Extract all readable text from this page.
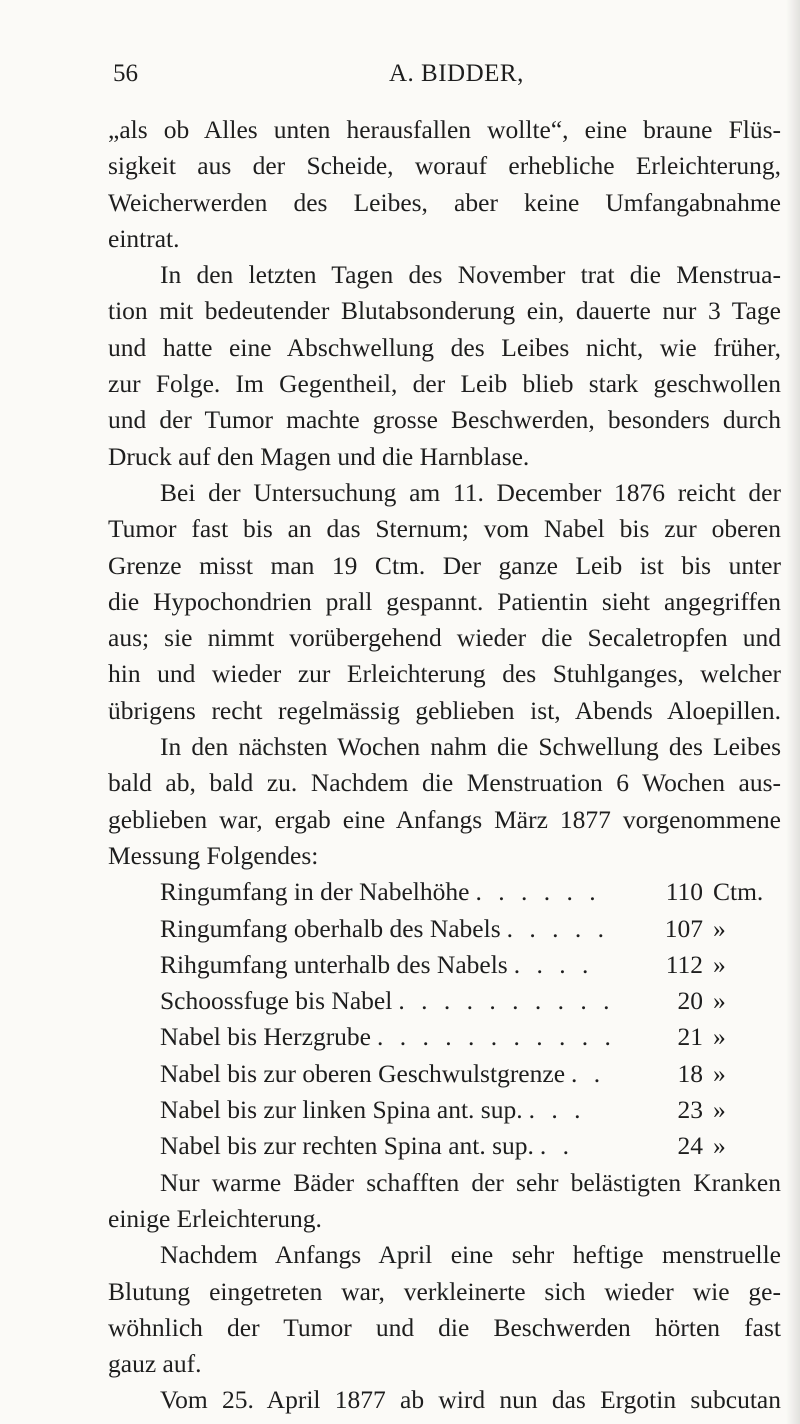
56	A. BIDDER,
„als ob Alles unten herausfallen wollte“, eine braune Flüs-
sigkeit aus der Scheide, worauf erhebliche Erleichterung,
Weicherwerden des Leibes, aber keine Umfangabnahme
eintrat.
In den letzten Tagen des November trat die Menstrua-
tion mit bedeutender Blutabsonderung ein, dauerte nur 3 Tage
und hatte eine Abschwellung des Leibes nicht, wie früher,
zur Folge. Im Gegentheil, der Leib blieb stark geschwollen
und der Tumor machte grosse Beschwerden, besonders durch
Druck auf den Magen und die Harnblase.
Bei der Untersuchung am 11. December 1876 reicht der
Tumor fast bis an das Sternum; vom Nabel bis zur oberen
Grenze misst man 19 Ctm. Der ganze Leib ist bis unter
die Hypochondrien prall gespannt. Patientin sieht angegriffen
aus; sie nimmt vorübergehend wieder die Secaletropfen und
hin und wieder zur Erleichterung des Stuhlganges, welcher
übrigens recht regelmässig geblieben ist, Abends Aloepillen.
In den nächsten Wochen nahm die Schwellung des Leibes
bald ab, bald zu. Nachdem die Menstruation 6 Wochen aus-
geblieben war, ergab eine Anfangs März 1877 vorgenommene
Messung Folgendes:
Ringumfang in der Nabelhöhe . . . . . .	110 Ctm.
Ringumfang oberhalb des Nabels . . . . .	107 »
Rihgumfang unterhalb des Nabels . . . .	112 »
Schoossfuge bis Nabel . . . . . . . . . .	20 »
Nabel bis Herzgrube . . . . . . . . . . .	21 »
Nabel bis zur oberen Geschwulstgrenze . .	18 »
Nabel bis zur linken Spina ant. sup. . . .	23 »
Nabel bis zur rechten Spina ant. sup. . .	24 »
Nur warme Bäder schafften der sehr belästigten Kranken
einige Erleichterung.
Nachdem Anfangs April eine sehr heftige menstruelle
Blutung eingetreten war, verkleinerte sich wieder wie ge-
wöhnlich der Tumor und die Beschwerden hörten fast
gauz auf.
Vom 25. April 1877 ab wird nun das Ergotin subcutan
